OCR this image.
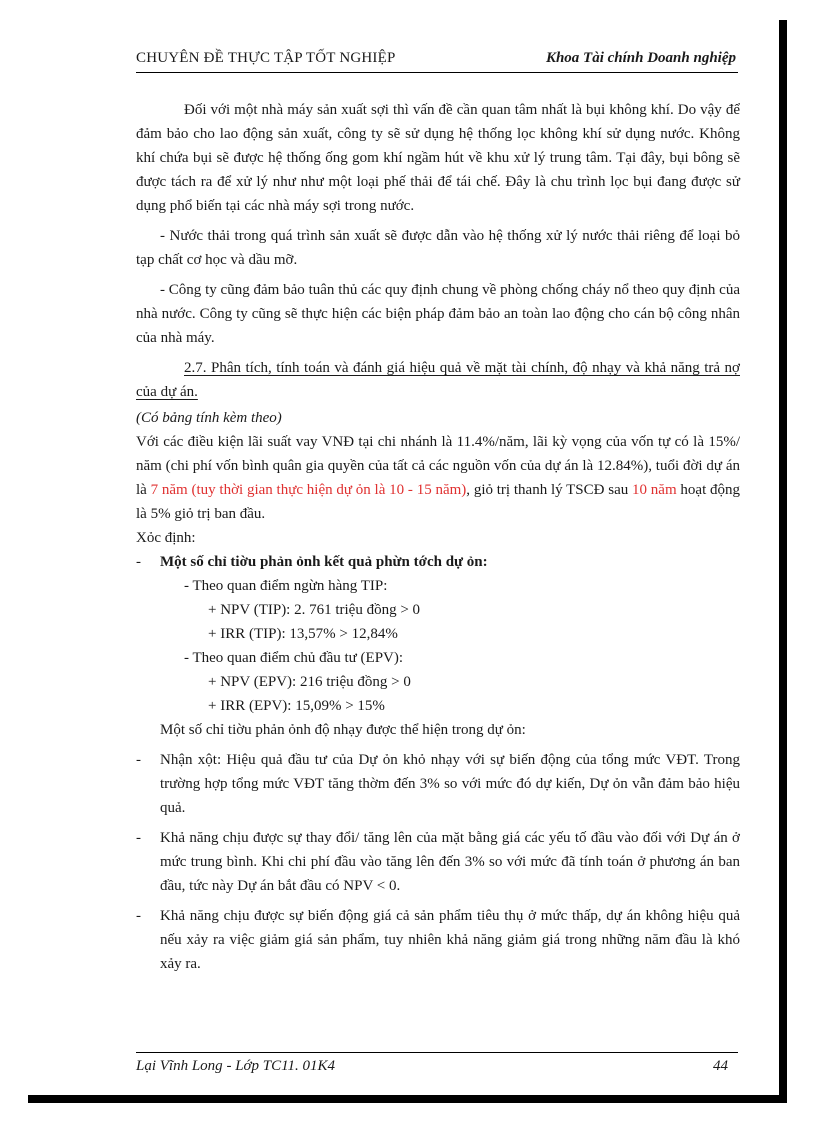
CHUYÊN ĐỀ THỰC TẬP TỐT NGHIỆP	Khoa Tài chính Doanh nghiệp

Đối với một nhà máy sản xuất sợi thì vấn đề cần quan tâm nhất là bụi không khí. Do vậy để đảm bảo cho lao động sản xuất, công ty sẽ sử dụng hệ thống lọc không khí sử dụng nước. Không khí chứa bụi sẽ được hệ thống ống gom khí ngầm hút về khu xử lý trung tâm. Tại đây, bụi bông sẽ được tách ra để xử lý như như một loại phế thải để tái chế. Đây là chu trình lọc bụi đang được sử dụng phổ biến tại các nhà máy sợi trong nước.

- Nước thải trong quá trình sản xuất sẽ được dẫn vào hệ thống xử lý nước thải riêng để loại bỏ tạp chất cơ học và dầu mỡ.

- Công ty cũng đảm bảo tuân thủ các quy định chung về phòng chống cháy nổ theo quy định của nhà nước. Công ty cũng sẽ thực hiện các biện pháp đảm bảo an toàn lao động cho cán bộ công nhân của nhà máy.

2.7. Phân tích, tính toán và đánh giá hiệu quả về mặt tài chính, độ nhạy và khả năng trả nợ của dự án.

(Có bảng tính kèm theo)

Với các điều kiện lãi suất vay VNĐ tại chi nhánh là 11.4%/năm, lãi kỳ vọng của vốn tự có là 15%/ năm (chi phí vốn bình quân gia quyền của tất cả các nguồn vốn của dự án là 12.84%), tuổi đời dự án là 7 năm (tuy thời gian thực hiện dự ỏn là 10 - 15 năm), giỏ trị thanh lý TSCĐ sau 10 năm hoạt động là 5% giỏ trị ban đầu.

Xỏc định:

- Một số chỉ tiờu phản ỏnh kết quả phừn tớch dự ỏn:

- Theo quan điểm ngừn hàng TIP:

+ NPV (TIP): 2. 761 triệu đồng > 0

+ IRR (TIP): 13,57% > 12,84%

- Theo quan điểm chủ đầu tư (EPV):

+ NPV (EPV): 216 triệu đồng > 0

+ IRR (EPV): 15,09% > 15%

Một số chỉ tiờu phản ỏnh độ nhạy được thể hiện trong dự ỏn:

- Nhận xột: Hiệu quả đầu tư của Dự ỏn khỏ nhạy với sự biến động của tổng mức VĐT. Trong trường hợp tổng mức VĐT tăng thờm đến 3% so với mức đó dự kiến, Dự ỏn vẫn đảm bảo hiệu quả.

- Khả năng chịu được sự thay đổi/ tăng lên của mặt bằng giá các yếu tố đầu vào đối với Dự án ở mức trung bình. Khi chi phí đầu vào tăng lên đến 3% so với mức đã tính toán ở phương án ban đầu, tức này Dự án bắt đầu có NPV < 0.

- Khả năng chịu được sự biến động giá cả sản phẩm tiêu thụ ở mức thấp, dự án không hiệu quả nếu xảy ra việc giảm giá sản phẩm, tuy nhiên khả năng giảm giá trong những năm đầu là khó xảy ra.

Lại Vĩnh Long - Lớp TC11. 01K4	44
